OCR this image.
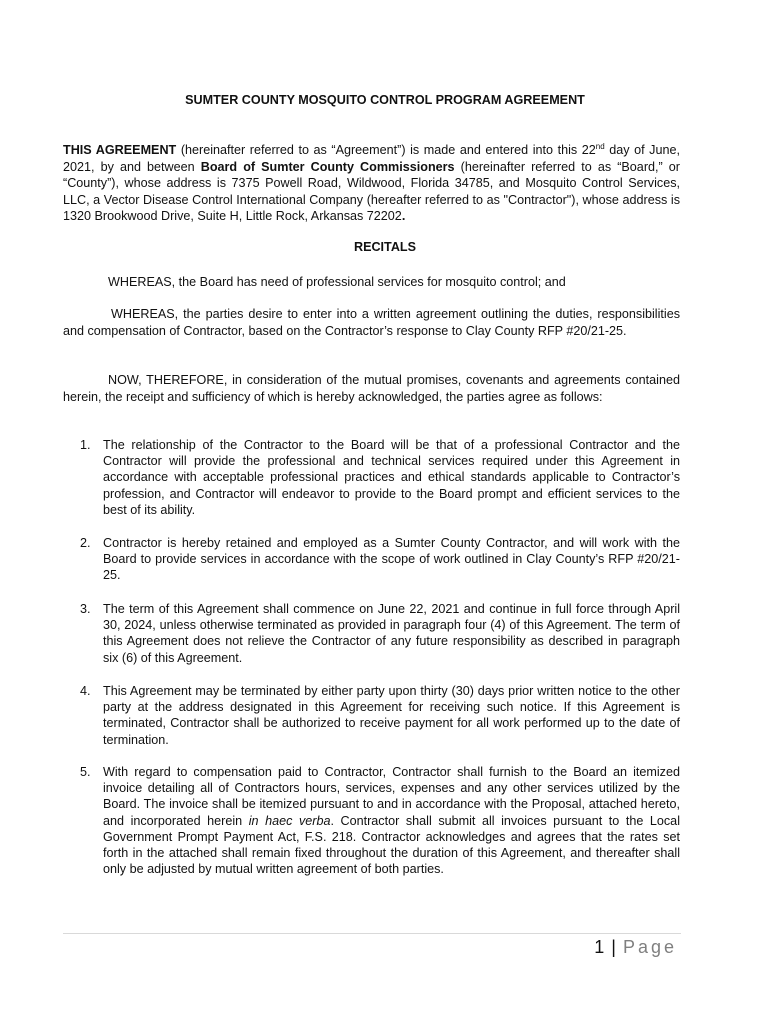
SUMTER COUNTY MOSQUITO CONTROL PROGRAM AGREEMENT
THIS AGREEMENT (hereinafter referred to as “Agreement”) is made and entered into this 22nd day of June, 2021, by and between Board of Sumter County Commissioners (hereinafter referred to as “Board,” or “County”), whose address is 7375 Powell Road, Wildwood, Florida 34785, and Mosquito Control Services, LLC, a Vector Disease Control International Company (hereafter referred to as "Contractor"), whose address is 1320 Brookwood Drive, Suite H, Little Rock, Arkansas 72202.
RECITALS
WHEREAS, the Board has need of professional services for mosquito control; and
WHEREAS, the parties desire to enter into a written agreement outlining the duties, responsibilities and compensation of Contractor, based on the Contractor’s response to Clay County RFP #20/21-25.
NOW, THEREFORE, in consideration of the mutual promises, covenants and agreements contained herein, the receipt and sufficiency of which is hereby acknowledged, the parties agree as follows:
1. The relationship of the Contractor to the Board will be that of a professional Contractor and the Contractor will provide the professional and technical services required under this Agreement in accordance with acceptable professional practices and ethical standards applicable to Contractor’s profession, and Contractor will endeavor to provide to the Board prompt and efficient services to the best of its ability.
2. Contractor is hereby retained and employed as a Sumter County Contractor, and will work with the Board to provide services in accordance with the scope of work outlined in Clay County’s RFP #20/21-25.
3. The term of this Agreement shall commence on June 22, 2021 and continue in full force through April 30, 2024, unless otherwise terminated as provided in paragraph four (4) of this Agreement. The term of this Agreement does not relieve the Contractor of any future responsibility as described in paragraph six (6) of this Agreement.
4. This Agreement may be terminated by either party upon thirty (30) days prior written notice to the other party at the address designated in this Agreement for receiving such notice. If this Agreement is terminated, Contractor shall be authorized to receive payment for all work performed up to the date of termination.
5. With regard to compensation paid to Contractor, Contractor shall furnish to the Board an itemized invoice detailing all of Contractors hours, services, expenses and any other services utilized by the Board. The invoice shall be itemized pursuant to and in accordance with the Proposal, attached hereto, and incorporated herein in haec verba. Contractor shall submit all invoices pursuant to the Local Government Prompt Payment Act, F.S. 218. Contractor acknowledges and agrees that the rates set forth in the attached shall remain fixed throughout the duration of this Agreement, and thereafter shall only be adjusted by mutual written agreement of both parties.
1 | Page
